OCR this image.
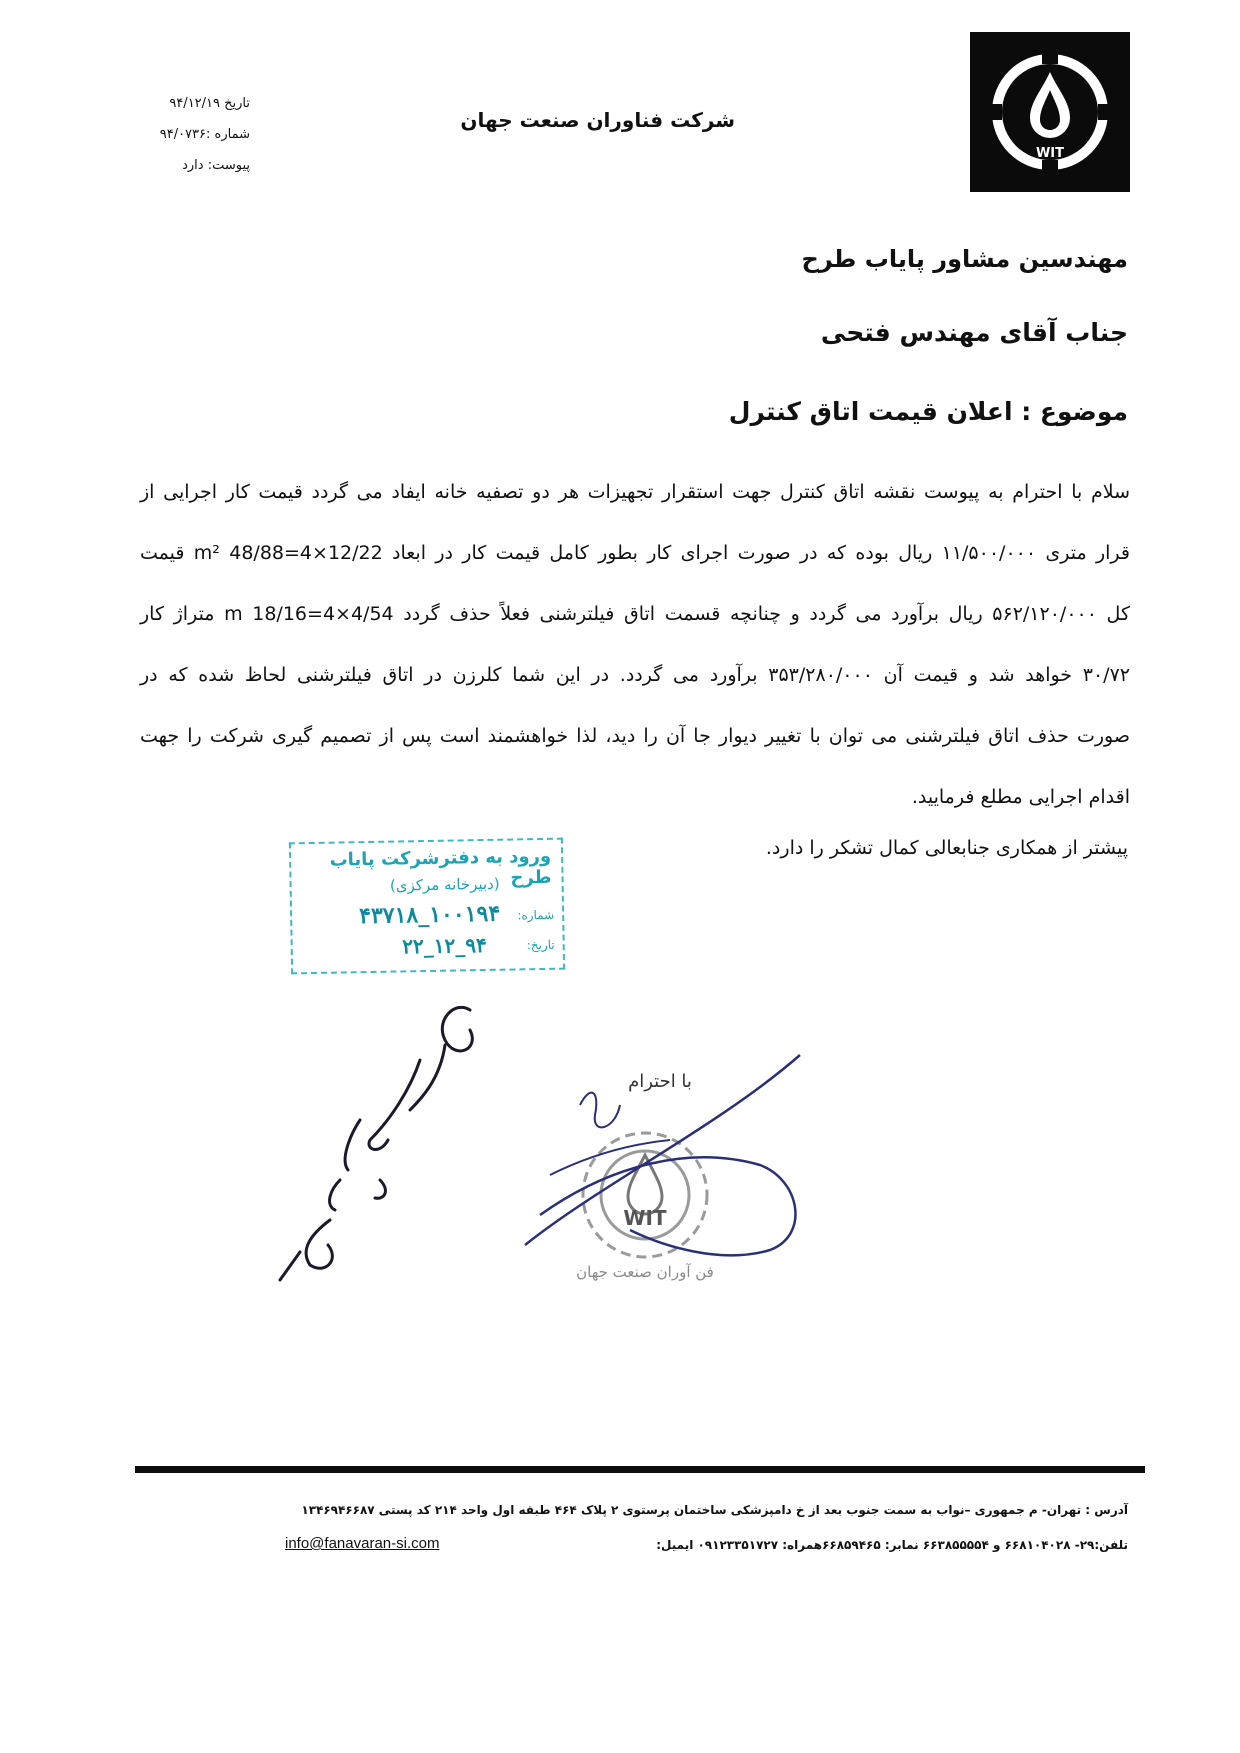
WIT
شرکت فناوران صنعت جهان
تاریخ ۹۴/۱۲/۱۹
شماره :۹۴/۰۷۳۶
پیوست: دارد
مهندسین مشاور پایاب طرح
جناب آقای مهندس فتحی
موضوع : اعلان قیمت اتاق کنترل
سلام با احترام به پیوست نقشه اتاق کنترل جهت استقرار تجهیزات هر دو تصفیه خانه ایفاد می گردد قیمت کار اجرایی از
قرار متری ۱۱/۵۰۰/۰۰۰ ریال بوده که در صورت اجرای کار بطور کامل قیمت کار در ابعاد 12/22×4=48/88 m² قیمت
کل ۵۶۲/۱۲۰/۰۰۰ ریال برآورد می گردد و چنانچه قسمت اتاق فیلترشنی فعلاً حذف گردد 4/54×4=18/16 m متراژ کار
۳۰/۷۲ خواهد شد و قیمت آن ۳۵۳/۲۸۰/۰۰۰ برآورد می گردد. در این شما کلرزن در اتاق فیلترشنی لحاظ شده که در
صورت حذف اتاق فیلترشنی می توان با تغییر دیوار جا آن را دید، لذا خواهشمند است پس از تصمیم گیری شرکت را جهت
اقدام اجرایی مطلع فرمایید.
پیشتر از همکاری جنابعالی کمال تشکر را دارد.
ورود به دفترشرکت پایاب طرح
(دبیرخانه مرکزی)
شماره:
۱۰۰۱۹۴_۴۳۷۱۸
تاریخ:
۹۴_۱۲_۲۲
WIT
فن آوران صنعت جهان
با احترام
آدرس : تهران- م جمهوری –نواب به سمت جنوب بعد از خ دامپزشکی ساختمان پرستوی ۲ پلاک ۴۶۴ طبقه اول واحد ۲۱۴ کد پستی ۱۳۴۶۹۴۶۶۸۷
تلفن:۲۹- ۶۶۸۱۰۴۰۲۸ و ۶۶۳۸۵۵۵۵۴ نمابر: ۶۶۸۵۹۴۶۵همراه: ۰۹۱۲۳۳۵۱۷۲۷ ایمیل:
info@fanavaran-si.com
